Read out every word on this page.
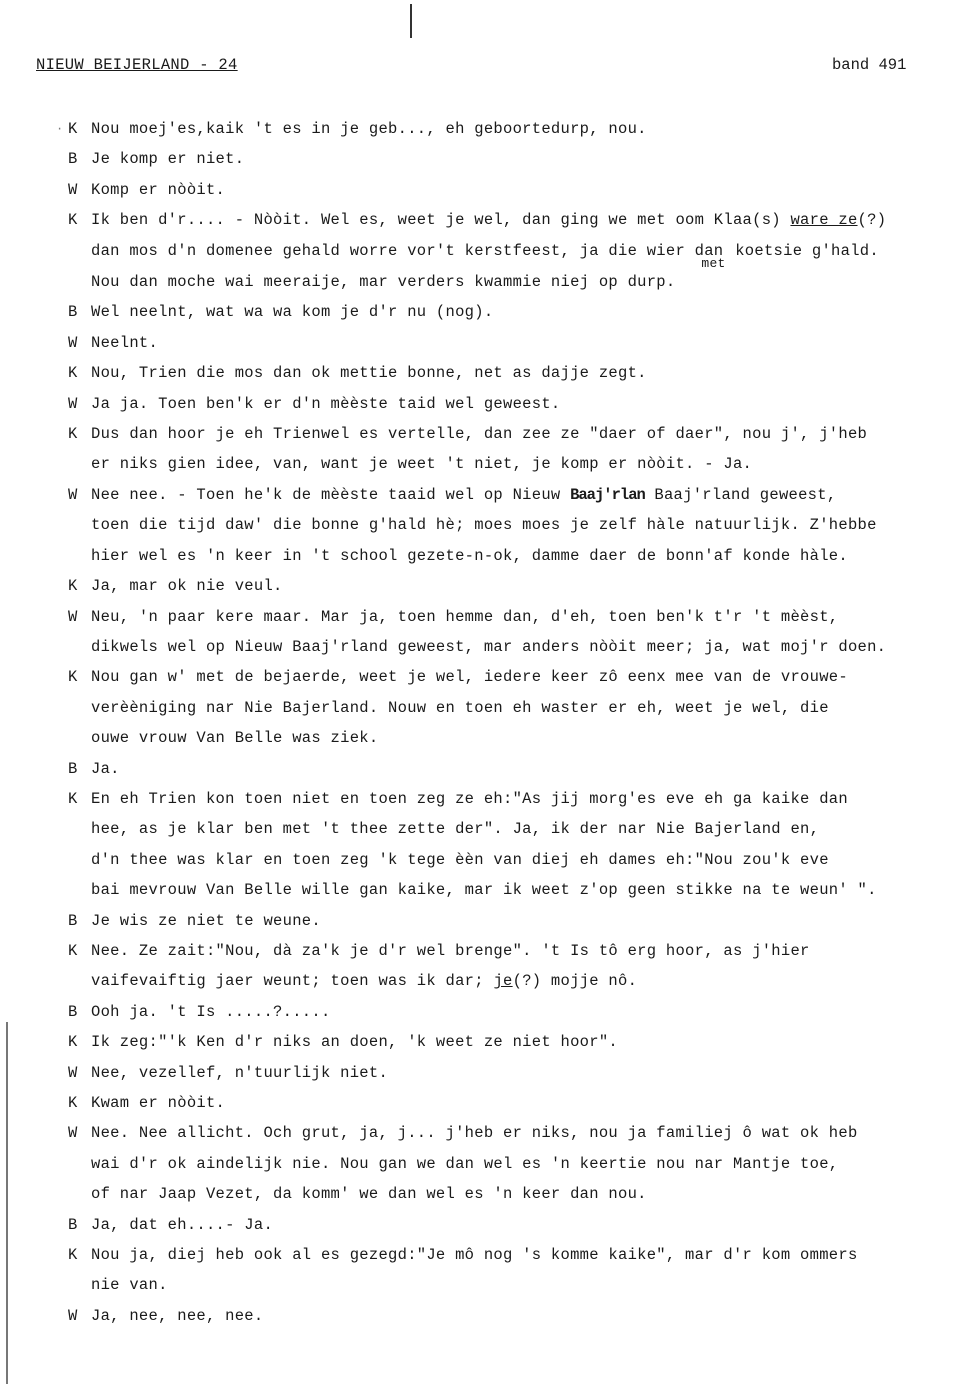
·
NIEUW BEIJERLAND - 24	band 491
K Nou moej'es,kaik 't es in je geb..., eh geboortedurp, nou.
B Je komp er niet.
W Komp er nòòit.
K Ik ben d'r.... - Nòòit. Wel es, weet je wel, dan ging we met oom Klaa(s) ware ze(?)
dan mos d'n domenee gehald worre vor't kerstfeest, ja die wier dan$_{met}$ koetsie g'hald.
Nou dan moche wai meeraije, mar verders kwammie niej op durp.
B Wel neelnt, wat wa wa kom je d'r nu (nog).
W Neelnt.
K Nou, Trien die mos dan ok mettie bonne, net as dajje zegt.
W Ja ja. Toen ben'k er d'n mèèste taid wel geweest.
K Dus dan hoor je eh Trienwel es vertelle, dan zee ze "daer of daer", nou j', j'heb
er niks gien idee, van, want je weet 't niet, je komp er nòòit. - Ja.
W Nee nee. - Toen he'k de mèèste taaid wel op Nieuw Baaj'rlan Baaj'rland geweest,
toen die tijd daw' die bonne g'hald hè; moes moes je zelf hàle natuurlijk. Z'hebbe
hier wel es 'n keer in 't school gezete-n-ok, damme daer de bonn'af konde hàle.
K Ja, mar ok nie veul.
W Neu, 'n paar kere maar. Mar ja, toen hemme dan, d'eh, toen ben'k t'r 't mèèst,
dikwels wel op Nieuw Baaj'rland geweest, mar anders nòòit meer; ja, wat moj'r doen.
K Nou gan w' met de bejaerde, weet je wel, iedere keer zô eenx mee van de vrouwe-
verèèniging nar Nie Bajerland. Nouw en toen eh waster er eh, weet je wel, die
ouwe vrouw Van Belle was ziek.
B Ja.
K En eh Trien kon toen niet en toen zeg ze eh:"As jij morg'es eve eh ga kaike dan
hee, as je klar ben met 't thee zette der". Ja, ik der nar Nie Bajerland en,
d'n thee was klar en toen zeg 'k tege èèn van diej eh dames eh:"Nou zou'k eve
bai mevrouw Van Belle wille gan kaike, mar ik weet z'op geen stikke na te weun' ".
B Je wis ze niet te weune.
K Nee. Ze zait:"Nou, dà za'k je d'r wel brenge". 't Is tô erg hoor, as j'hier
vaifevaiftig jaer weunt; toen was ik dar; je(?) mojje nô.
B Ooh ja. 't Is .....?.....
K Ik zeg:"'k Ken d'r niks an doen, 'k weet ze niet hoor".
W Nee, vezellef, n'tuurlijk niet.
K Kwam er nòòit.
W Nee. Nee allicht. Och grut, ja, j... j'heb er niks, nou ja familiej ô wat ok heb
wai d'r ok aindelijk nie. Nou gan we dan wel es 'n keertie nou nar Mantje toe,
of nar Jaap Vezet, da komm' we dan wel es 'n keer dan nou.
B Ja, dat eh....- Ja.
K Nou ja, diej heb ook al es gezegd:"Je mô nog 's komme kaike", mar d'r kom ommers
nie van.
W Ja, nee, nee, nee.
